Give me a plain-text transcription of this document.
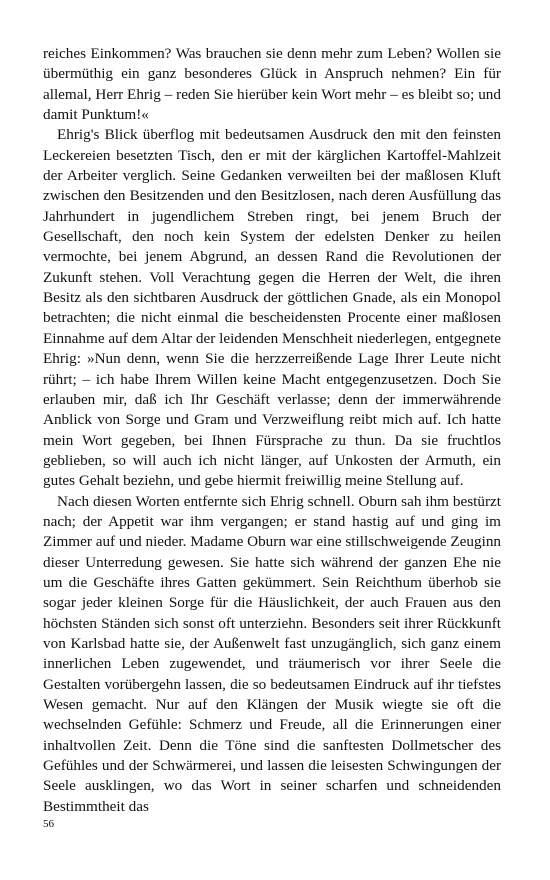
reiches Einkommen? Was brauchen sie denn mehr zum Leben? Wollen sie übermüthig ein ganz besonderes Glück in Anspruch nehmen? Ein für allemal, Herr Ehrig – reden Sie hierüber kein Wort mehr – es bleibt so; und damit Punktum!«

Ehrig's Blick überflog mit bedeutsamen Ausdruck den mit den feinsten Leckereien besetzten Tisch, den er mit der kärglichen Kartoffel-Mahlzeit der Arbeiter verglich. Seine Gedanken verweilten bei der maßlosen Kluft zwischen den Besitzenden und den Besitzlosen, nach deren Ausfüllung das Jahrhundert in jugendlichem Streben ringt, bei jenem Bruch der Gesellschaft, den noch kein System der edelsten Denker zu heilen vermochte, bei jenem Abgrund, an dessen Rand die Revolutionen der Zukunft stehen. Voll Verachtung gegen die Herren der Welt, die ihren Besitz als den sichtbaren Ausdruck der göttlichen Gnade, als ein Monopol betrachten; die nicht einmal die bescheidensten Procente einer maßlosen Einnahme auf dem Altar der leidenden Menschheit niederlegen, entgegnete Ehrig: »Nun denn, wenn Sie die herzzerreißende Lage Ihrer Leute nicht rührt; – ich habe Ihrem Willen keine Macht entgegenzusetzen. Doch Sie erlauben mir, daß ich Ihr Geschäft verlasse; denn der immerwährende Anblick von Sorge und Gram und Verzweiflung reibt mich auf. Ich hatte mein Wort gegeben, bei Ihnen Fürsprache zu thun. Da sie fruchtlos geblieben, so will auch ich nicht länger, auf Unkosten der Armuth, ein gutes Gehalt beziehn, und gebe hiermit freiwillig meine Stellung auf.

Nach diesen Worten entfernte sich Ehrig schnell. Oburn sah ihm bestürzt nach; der Appetit war ihm vergangen; er stand hastig auf und ging im Zimmer auf und nieder. Madame Oburn war eine stillschweigende Zeuginn dieser Unterredung gewesen. Sie hatte sich während der ganzen Ehe nie um die Geschäfte ihres Gatten gekümmert. Sein Reichthum überhob sie sogar jeder kleinen Sorge für die Häuslichkeit, der auch Frauen aus den höchsten Ständen sich sonst oft unterziehn. Besonders seit ihrer Rückkunft von Karlsbad hatte sie, der Außenwelt fast unzugänglich, sich ganz einem innerlichen Leben zugewendet, und träumerisch vor ihrer Seele die Gestalten vorübergehn lassen, die so bedeutsamen Eindruck auf ihr tiefstes Wesen gemacht. Nur auf den Klängen der Musik wiegte sie oft die wechselnden Gefühle: Schmerz und Freude, all die Erinnerungen einer inhaltvollen Zeit. Denn die Töne sind die sanftesten Dollmetscher des Gefühles und der Schwärmerei, und lassen die leisesten Schwingungen der Seele ausklingen, wo das Wort in seiner scharfen und schneidenden Bestimmtheit das

56
